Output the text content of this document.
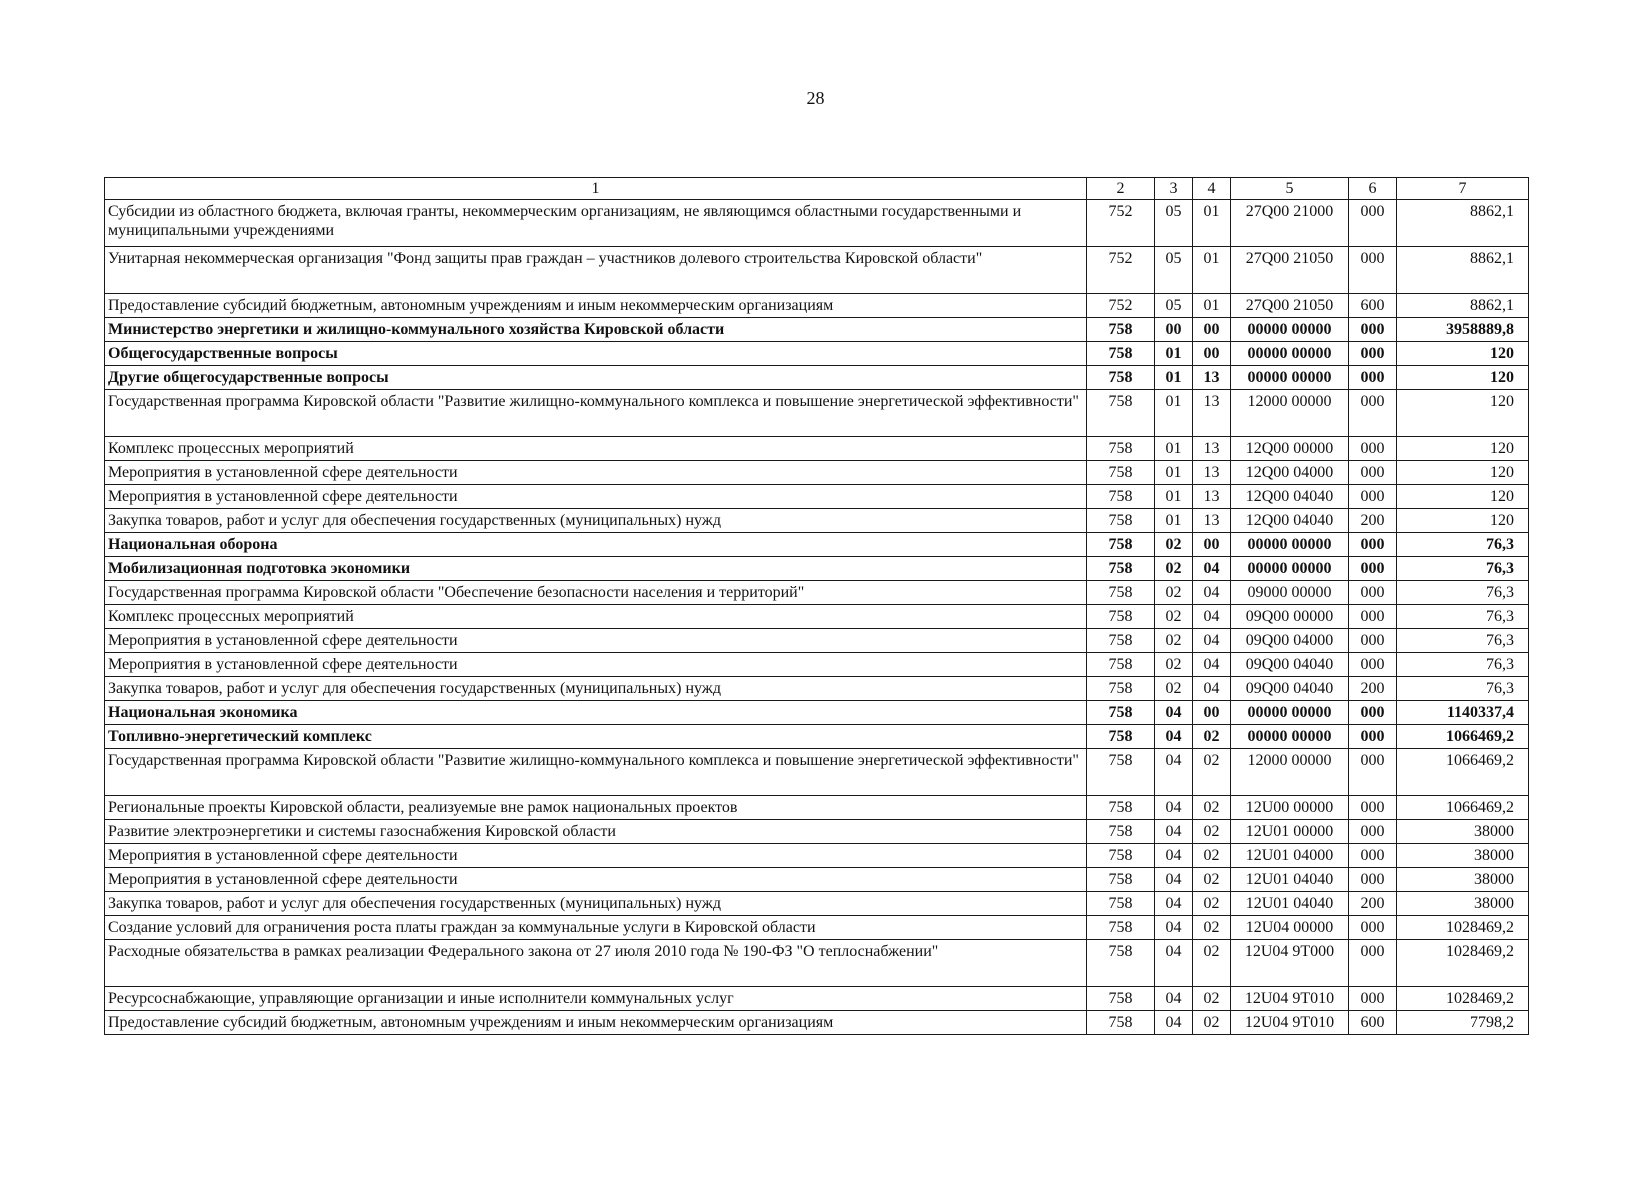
28
1	2	3	4	5	6	7
Субсидии из областного бюджета, включая гранты, некоммерческим организациям, не являющимся областными государственными и муниципальными учреждениями	752	05	01	27Q00 21000	000	8862,1
Унитарная некоммерческая организация "Фонд защиты прав граждан – участников долевого строительства Кировской области"	752	05	01	27Q00 21050	000	8862,1
Предоставление субсидий бюджетным, автономным учреждениям и иным некоммерческим организациям	752	05	01	27Q00 21050	600	8862,1
Министерство энергетики и жилищно-коммунального хозяйства Кировской области	758	00	00	00000 00000	000	3958889,8
Общегосударственные вопросы	758	01	00	00000 00000	000	120
Другие общегосударственные вопросы	758	01	13	00000 00000	000	120
Государственная программа Кировской области "Развитие жилищно-коммунального комплекса и повышение энергетической эффективности"	758	01	13	12000 00000	000	120
Комплекс процессных мероприятий	758	01	13	12Q00 00000	000	120
Мероприятия в установленной сфере деятельности	758	01	13	12Q00 04000	000	120
Мероприятия в установленной сфере деятельности	758	01	13	12Q00 04040	000	120
Закупка товаров, работ и услуг для обеспечения государственных (муниципальных) нужд	758	01	13	12Q00 04040	200	120
Национальная оборона	758	02	00	00000 00000	000	76,3
Мобилизационная подготовка экономики	758	02	04	00000 00000	000	76,3
Государственная программа Кировской области "Обеспечение безопасности населения и территорий"	758	02	04	09000 00000	000	76,3
Комплекс процессных мероприятий	758	02	04	09Q00 00000	000	76,3
Мероприятия в установленной сфере деятельности	758	02	04	09Q00 04000	000	76,3
Мероприятия в установленной сфере деятельности	758	02	04	09Q00 04040	000	76,3
Закупка товаров, работ и услуг для обеспечения государственных (муниципальных) нужд	758	02	04	09Q00 04040	200	76,3
Национальная экономика	758	04	00	00000 00000	000	1140337,4
Топливно-энергетический комплекс	758	04	02	00000 00000	000	1066469,2
Государственная программа Кировской области "Развитие жилищно-коммунального комплекса и повышение энергетической эффективности"	758	04	02	12000 00000	000	1066469,2
Региональные проекты Кировской области, реализуемые вне рамок национальных проектов	758	04	02	12U00 00000	000	1066469,2
Развитие электроэнергетики и системы газоснабжения Кировской области	758	04	02	12U01 00000	000	38000
Мероприятия в установленной сфере деятельности	758	04	02	12U01 04000	000	38000
Мероприятия в установленной сфере деятельности	758	04	02	12U01 04040	000	38000
Закупка товаров, работ и услуг для обеспечения государственных (муниципальных) нужд	758	04	02	12U01 04040	200	38000
Создание условий для ограничения роста платы граждан за коммунальные услуги в Кировской области	758	04	02	12U04 00000	000	1028469,2
Расходные обязательства в рамках реализации Федерального закона от 27 июля 2010 года № 190-ФЗ "О теплоснабжении"	758	04	02	12U04 9T000	000	1028469,2
Ресурсоснабжающие, управляющие организации и иные исполнители коммунальных услуг	758	04	02	12U04 9T010	000	1028469,2
Предоставление субсидий бюджетным, автономным учреждениям и иным некоммерческим организациям	758	04	02	12U04 9T010	600	7798,2
